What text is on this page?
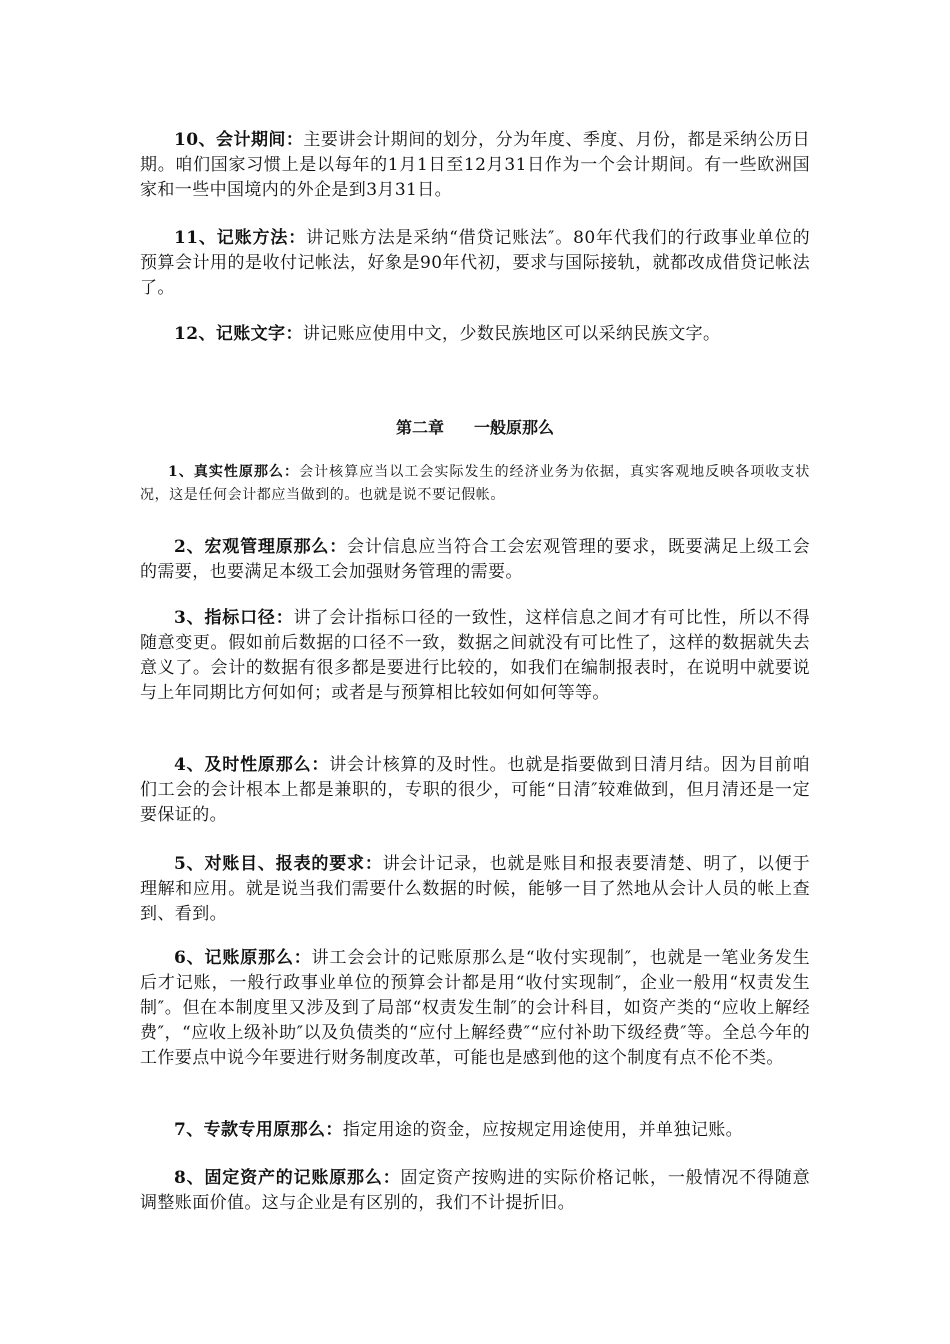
10、会计期间：主要讲会计期间的划分，分为年度、季度、月份，都是采纳公历日期。咱们国家习惯上是以每年的1月1日至12月31日作为一个会计期间。有一些欧洲国家和一些中国境内的外企是到3月31日。

11、记账方法：讲记账方法是采纳“借贷记账法″。80年代我们的行政事业单位的预算会计用的是收付记帐法，好象是90年代初，要求与国际接轨，就都改成借贷记帐法了。

12、记账文字：讲记账应使用中文，少数民族地区可以采纳民族文字。

第二章 一般原那么

1、真实性原那么：会计核算应当以工会实际发生的经济业务为依据，真实客观地反映各项收支状况，这是任何会计都应当做到的。也就是说不要记假帐。

2、宏观管理原那么：会计信息应当符合工会宏观管理的要求，既要满足上级工会的需要，也要满足本级工会加强财务管理的需要。

3、指标口径：讲了会计指标口径的一致性，这样信息之间才有可比性，所以不得随意变更。假如前后数据的口径不一致，数据之间就没有可比性了，这样的数据就失去意义了。会计的数据有很多都是要进行比较的，如我们在编制报表时，在说明中就要说与上年同期比方何如何；或者是与预算相比较如何如何等等。

4、及时性原那么：讲会计核算的及时性。也就是指要做到日清月结。因为目前咱们工会的会计根本上都是兼职的，专职的很少，可能“日清″较难做到，但月清还是一定要保证的。

5、对账目、报表的要求：讲会计记录，也就是账目和报表要清楚、明了，以便于理解和应用。就是说当我们需要什么数据的时候，能够一目了然地从会计人员的帐上查到、看到。

6、记账原那么：讲工会会计的记账原那么是“收付实现制″，也就是一笔业务发生后才记账，一般行政事业单位的预算会计都是用“收付实现制″，企业一般用“权责发生制″。但在本制度里又涉及到了局部“权责发生制″的会计科目，如资产类的“应收上解经费″，“应收上级补助″以及负债类的“应付上解经费″“应付补助下级经费″等。全总今年的工作要点中说今年要进行财务制度改革，可能也是感到他的这个制度有点不伦不类。

7、专款专用原那么：指定用途的资金，应按规定用途使用，并单独记账。

8、固定资产的记账原那么：固定资产按购进的实际价格记帐，一般情况不得随意调整账面价值。这与企业是有区别的，我们不计提折旧。
